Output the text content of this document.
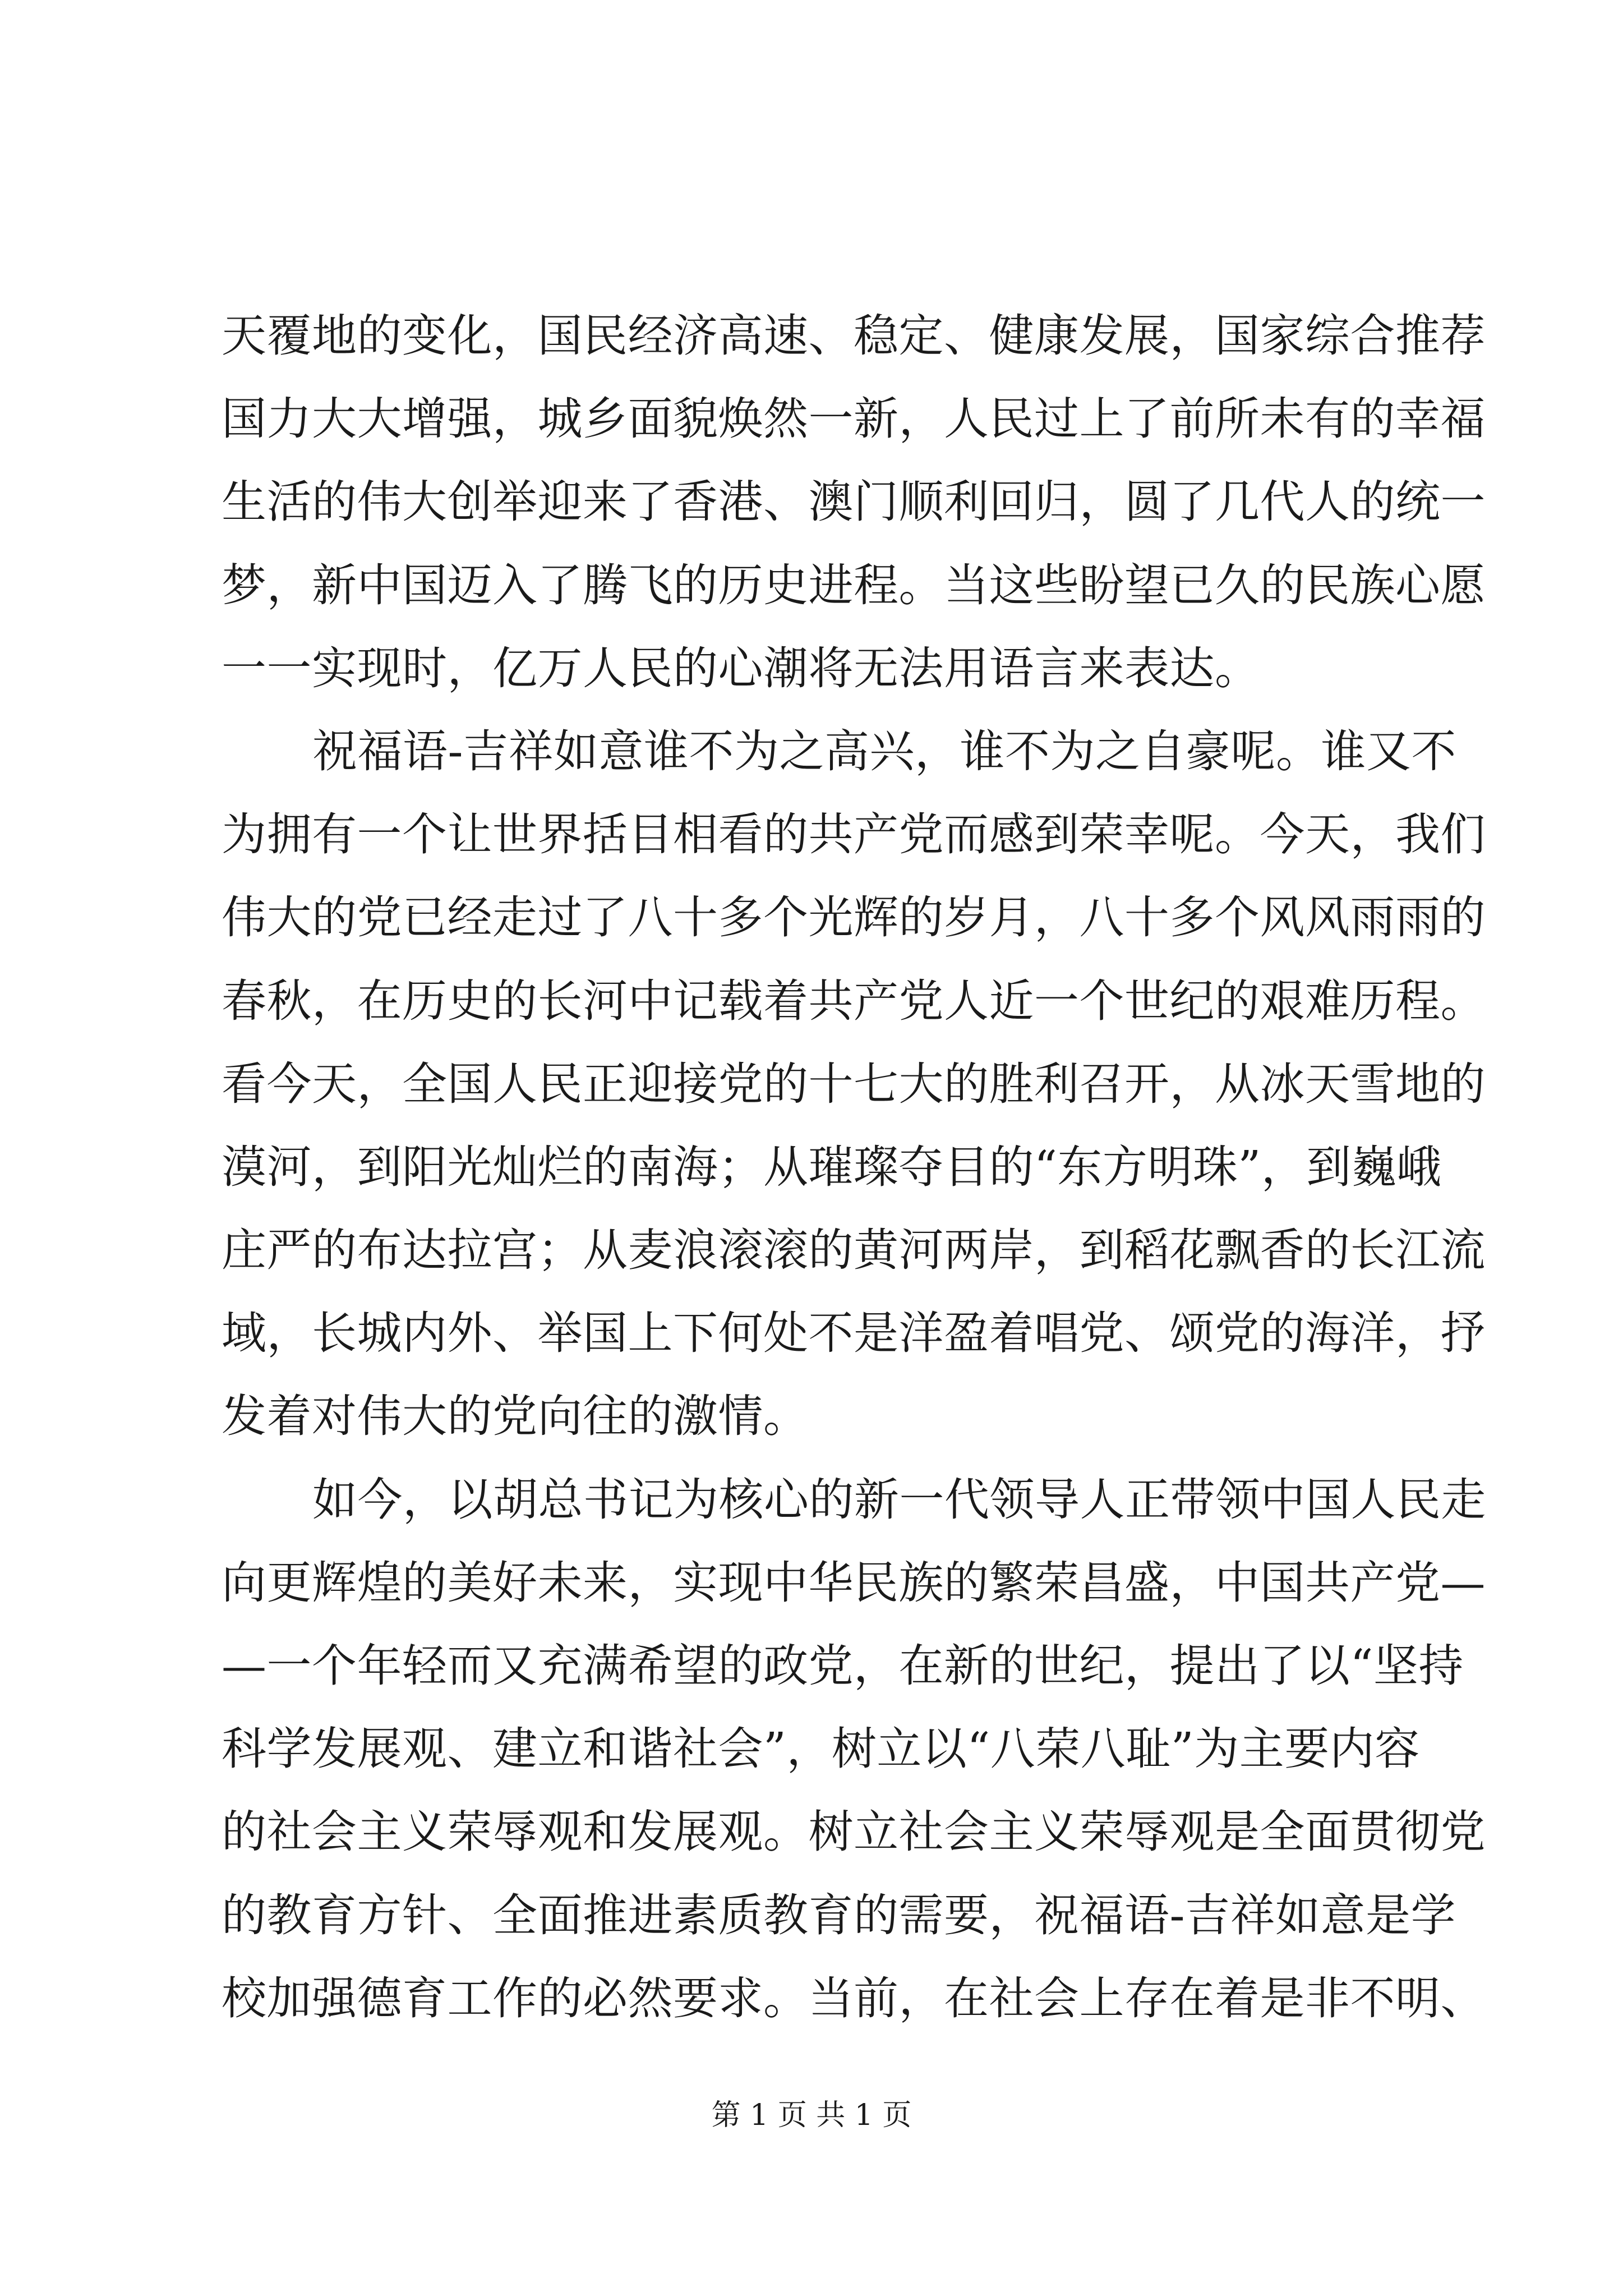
天覆地的变化，国民经济高速、稳定、健康发展，国家综合推荐
国力大大增强，城乡面貌焕然一新，人民过上了前所未有的幸福
生活的伟大创举迎来了香港、澳门顺利回归，圆了几代人的统一
梦，新中国迈入了腾飞的历史进程。当这些盼望已久的民族心愿
一一实现时，亿万人民的心潮将无法用语言来表达。
祝福语-吉祥如意谁不为之高兴，谁不为之自豪呢。谁又不
为拥有一个让世界括目相看的共产党而感到荣幸呢。今天，我们
伟大的党已经走过了八十多个光辉的岁月，八十多个风风雨雨的
春秋，在历史的长河中记载着共产党人近一个世纪的艰难历程。
看今天，全国人民正迎接党的十七大的胜利召开，从冰天雪地的
漠河，到阳光灿烂的南海；从璀璨夺目的“东方明珠”，到巍峨
庄严的布达拉宫；从麦浪滚滚的黄河两岸，到稻花飘香的长江流
域，长城内外、举国上下何处不是洋盈着唱党、颂党的海洋，抒
发着对伟大的党向往的激情。
如今，以胡总书记为核心的新一代领导人正带领中国人民走
向更辉煌的美好未来，实现中华民族的繁荣昌盛，中国共产党—
—一个年轻而又充满希望的政党，在新的世纪，提出了以“坚持
科学发展观、建立和谐社会”，树立以“八荣八耻”为主要内容
的社会主义荣辱观和发展观。树立社会主义荣辱观是全面贯彻党
的教育方针、全面推进素质教育的需要，祝福语-吉祥如意是学
校加强德育工作的必然要求。当前，在社会上存在着是非不明、
第 1 页 共 1 页
